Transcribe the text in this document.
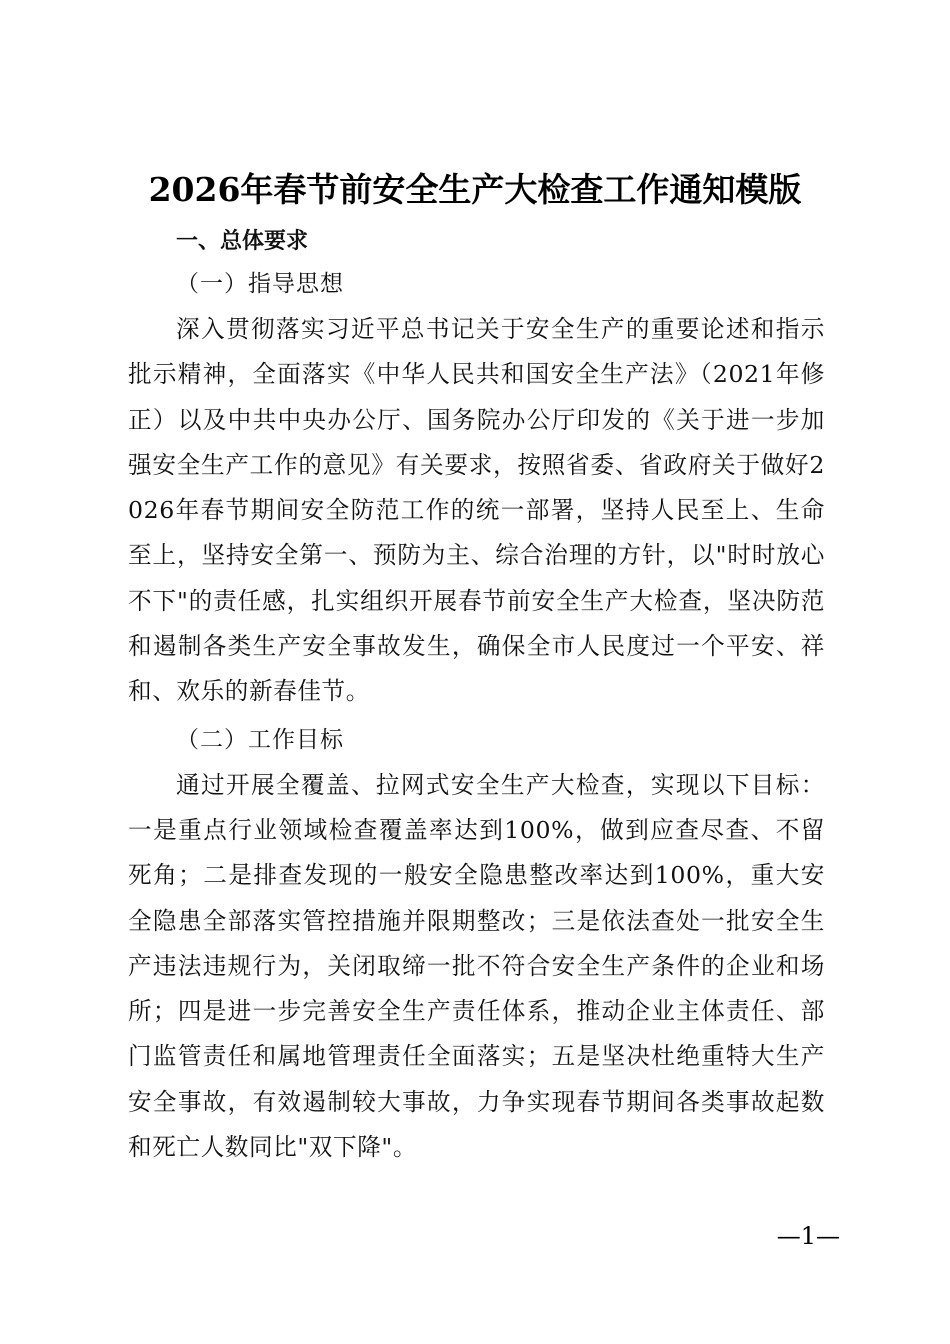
2026年春节前安全生产大检查工作通知模版

一、总体要求

（一）指导思想

深入贯彻落实习近平总书记关于安全生产的重要论述和指示批示精神，全面落实《中华人民共和国安全生产法》（2021年修正）以及中共中央办公厅、国务院办公厅印发的《关于进一步加强安全生产工作的意见》有关要求，按照省委、省政府关于做好2026年春节期间安全防范工作的统一部署，坚持人民至上、生命至上，坚持安全第一、预防为主、综合治理的方针，以"时时放心不下"的责任感，扎实组织开展春节前安全生产大检查，坚决防范和遏制各类生产安全事故发生，确保全市人民度过一个平安、祥和、欢乐的新春佳节。

（二）工作目标

通过开展全覆盖、拉网式安全生产大检查，实现以下目标：一是重点行业领域检查覆盖率达到100%，做到应查尽查、不留死角；二是排查发现的一般安全隐患整改率达到100%，重大安全隐患全部落实管控措施并限期整改；三是依法查处一批安全生产违法违规行为，关闭取缔一批不符合安全生产条件的企业和场所；四是进一步完善安全生产责任体系，推动企业主体责任、部门监管责任和属地管理责任全面落实；五是坚决杜绝重特大生产安全事故，有效遏制较大事故，力争实现春节期间各类事故起数和死亡人数同比"双下降"。

—1—
